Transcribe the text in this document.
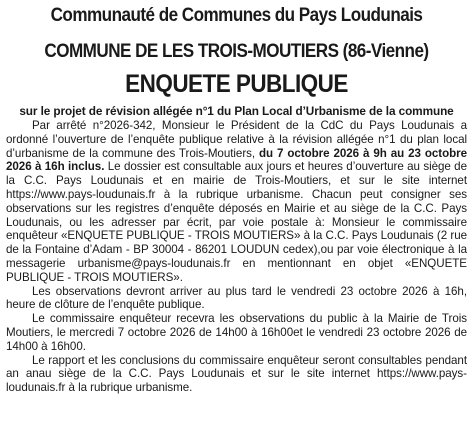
Communauté de Communes du Pays Loudunais
COMMUNE DE LES TROIS-MOUTIERS (86-Vienne)
ENQUETE PUBLIQUE
sur le projet de révision allégée n°1 du Plan Local d’Urbanisme de la commune

Par arrêté n°2026-342, Monsieur le Président de la CdC du Pays Loudunais a ordonné l’ouverture de l’enquête publique relative à la révision allégée n°1 du plan local d’urbanisme de la commune des Trois-Moutiers, du 7 octobre 2026 à 9h au 23 octobre 2026 à 16h inclus. Le dossier est consultable aux jours et heures d’ouverture au siège de la C.C. Pays Loudunais et en mairie de Trois-Moutiers, et sur le site internet https://www.pays-loudunais.fr à la rubrique urbanisme. Chacun peut consigner ses observations sur les registres d’enquête déposés en Mairie et au siège de la C.C. Pays Loudunais, ou les adresser par écrit, par voie postale à: Monsieur le commissaire enquêteur «ENQUETE PUBLIQUE - TROIS MOUTIERS» à la C.C. Pays Loudunais (2 rue de la Fontaine d’Adam - BP 30004 - 86201 LOUDUN cedex),ou par voie électronique à la messagerie urbanisme@pays-loudunais.fr en mentionnant en objet «ENQUETE PUBLIQUE - TROIS MOUTIERS».

Les observations devront arriver au plus tard le vendredi 23 octobre 2026 à 16h, heure de clôture de l’enquête publique.

Le commissaire enquêteur recevra les observations du public à la Mairie de Trois Moutiers, le mercredi 7 octobre 2026 de 14h00 à 16h00et le vendredi 23 octobre 2026 de 14h00 à 16h00.

Le rapport et les conclusions du commissaire enquêteur seront consultables pendant an anau siège de la C.C. Pays Loudunais et sur le site internet https://www.pays-loudunais.fr à la rubrique urbanisme.
